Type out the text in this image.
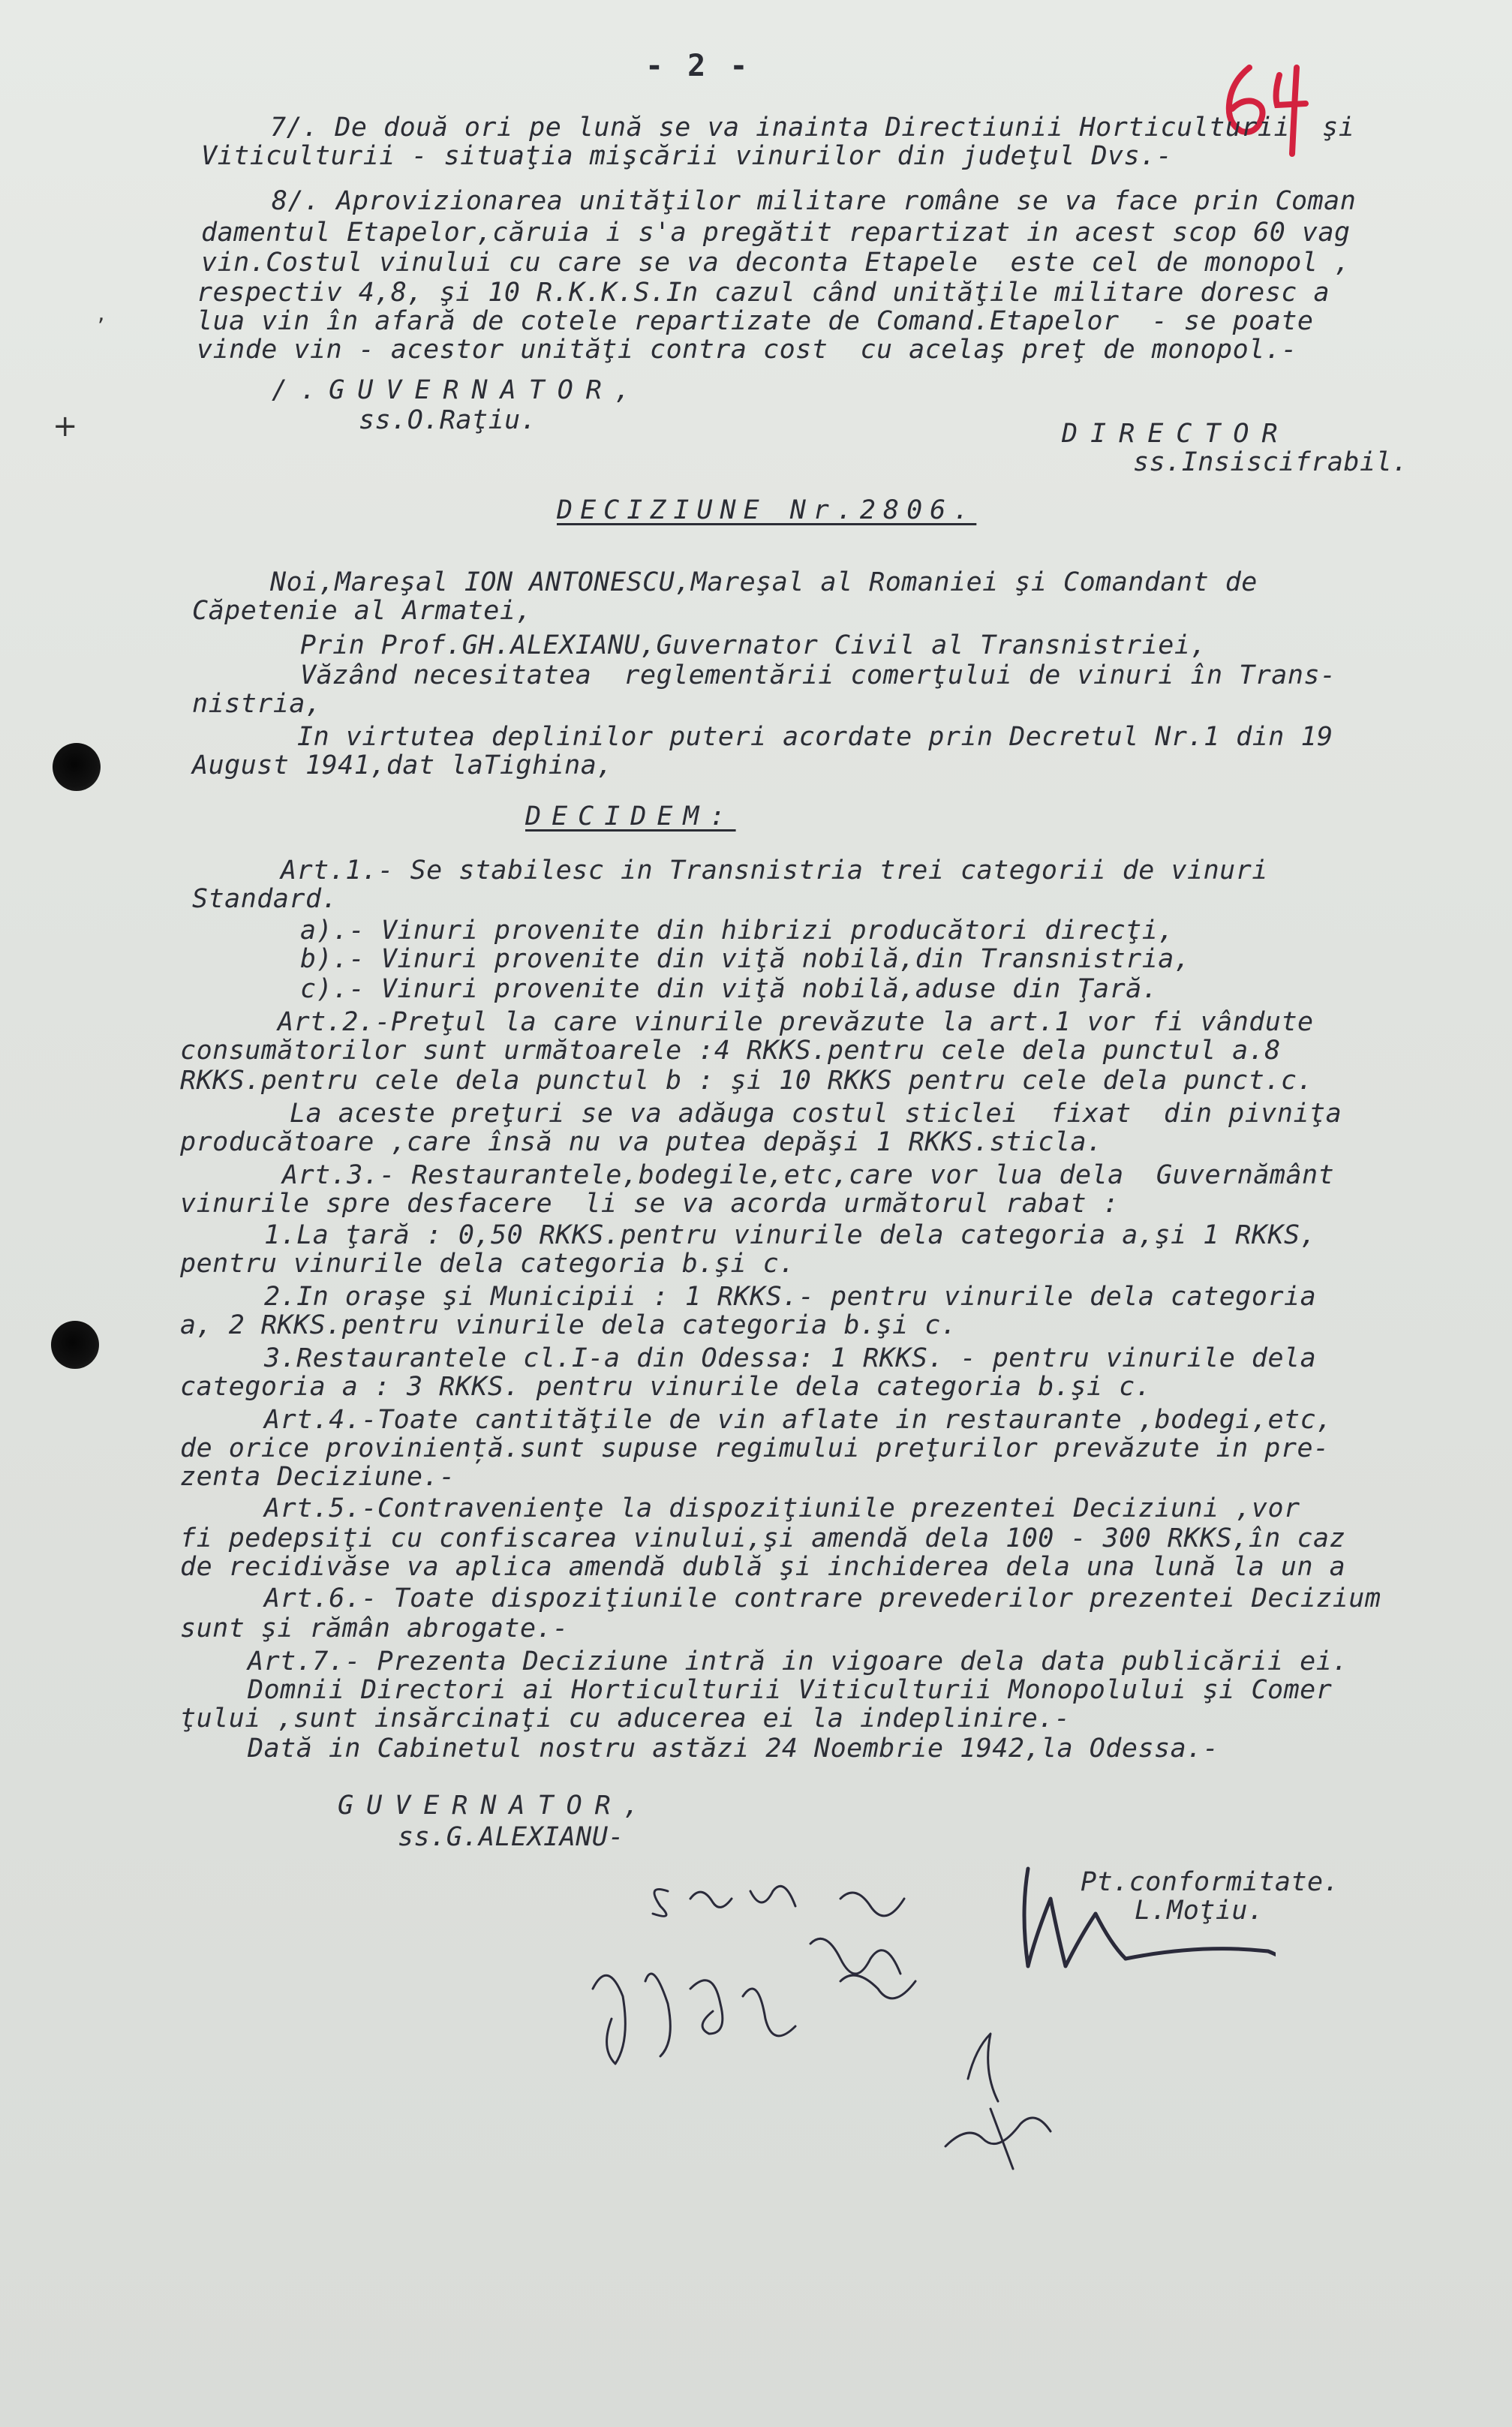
+
,

- 2 -

7/. De două ori pe lună se va inainta Directiunii Horticulturii  şi

Viticulturii - situaţia mişcării vinurilor din judeţul Dvs.-

8/. Aprovizionarea unităţilor militare române se va face prin Coman

damentul Etapelor,căruia i s'a pregătit repartizat in acest scop 60 vag

vin.Costul vinului cu care se va deconta Etapele  este cel de monopol ,

respectiv 4,8, şi 10 R.K.K.S.In cazul când unităţile militare doresc a

lua vin în afară de cotele repartizate de Comand.Etapelor  - se poate

vinde vin - acestor unităţi contra cost  cu acelaş preţ de monopol.-

/.GUVERNATOR,

ss.O.Raţiu.

	DIRECTOR

ss.Insiscifrabil.

DECIZIUNE Nr.2806.

Noi,Mareşal ION ANTONESCU,Mareşal al Romaniei şi Comandant de

Căpetenie al Armatei,

Prin Prof.GH.ALEXIANU,Guvernator Civil al Transnistriei,

Văzând necesitatea  reglementării comerţului de vinuri în Trans-

nistria,

In virtutea deplinilor puteri acordate prin Decretul Nr.1 din 19

August 1941,dat laTighina,

DECIDEM:

Art.1.- Se stabilesc in Transnistria trei categorii de vinuri

Standard.

a).- Vinuri provenite din hibrizi producători direcţi,

b).- Vinuri provenite din viţă nobilă,din Transnistria,

c).- Vinuri provenite din viţă nobilă,aduse din Ţară.

Art.2.-Preţul la care vinurile prevăzute la art.1 vor fi vândute

consumătorilor sunt următoarele :4 RKKS.pentru cele dela punctul a.8

RKKS.pentru cele dela punctul b : şi 10 RKKS pentru cele dela punct.c.

La aceste preţuri se va adăuga costul sticlei  fixat  din pivniţa

producătoare ,care însă nu va putea depăşi 1 RKKS.sticla.

Art.3.- Restaurantele,bodegile,etc,care vor lua dela  Guvernământ

vinurile spre desfacere  li se va acorda următorul rabat :

1.La ţară : 0,50 RKKS.pentru vinurile dela categoria a,şi 1 RKKS,

pentru vinurile dela categoria b.şi c.

2.In oraşe şi Municipii : 1 RKKS.- pentru vinurile dela categoria

a, 2 RKKS.pentru vinurile dela categoria b.şi c.

3.Restaurantele cl.I-a din Odessa: 1 RKKS. - pentru vinurile dela

categoria a : 3 RKKS. pentru vinurile dela categoria b.şi c.

Art.4.-Toate cantităţile de vin aflate in restaurante ,bodegi,etc,

de orice proviniență.sunt supuse regimului preţurilor prevăzute in pre-

zenta Deciziune.-

Art.5.-Contravenienţe la dispoziţiunile prezentei Deciziuni ,vor

fi pedepsiţi cu confiscarea vinului,şi amendă dela 100 - 300 RKKS,în caz

de recidivăse va aplica amendă dublă şi inchiderea dela una lună la un a

Art.6.- Toate dispoziţiunile contrare prevederilor prezentei Decizium

sunt şi rămân abrogate.-

Art.7.- Prezenta Deciziune intră in vigoare dela data publicării ei.

Domnii Directori ai Horticulturii Viticulturii Monopolului şi Comer

ţului ,sunt insărcinaţi cu aducerea ei la indeplinire.-

Dată in Cabinetul nostru astăzi 24 Noembrie 1942,la Odessa.-

GUVERNATOR,

ss.G.ALEXIANU-

Pt.conformitate.

L.Moţiu.
